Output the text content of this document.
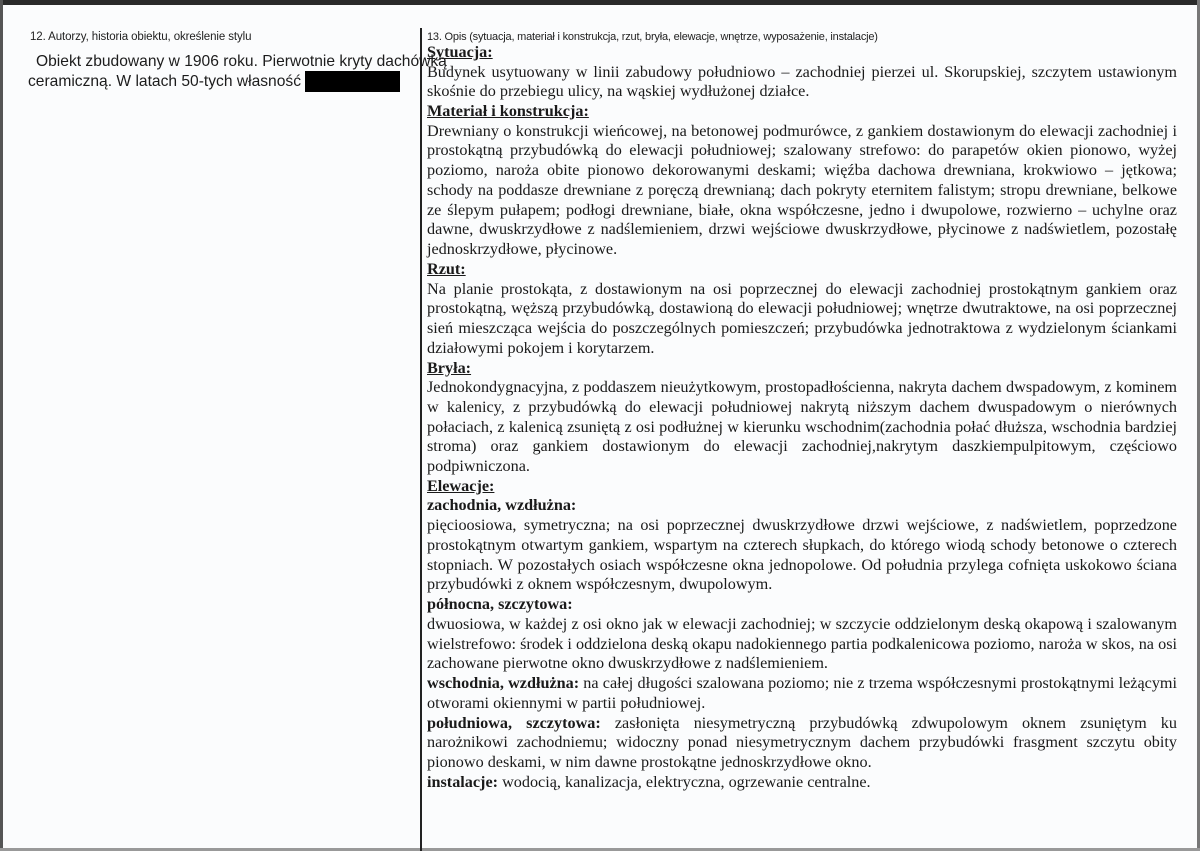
12. Autorzy, historia obiektu, określenie stylu

Obiekt zbudowany w 1906 roku. Pierwotnie kryty dachówką
ceramiczną. W latach 50-tych własność

13. Opis (sytuacja, materiał i konstrukcja, rzut, bryła, elewacje, wnętrze, wyposażenie, instalacje)

Sytuacja:

Budynek usytuowany w linii zabudowy południowo – zachodniej pierzei ul. Skorupskiej, szczytem ustawionym skośnie do przebiegu ulicy, na wąskiej wydłużonej działce.

Materiał i konstrukcja:

Drewniany o konstrukcji wieńcowej, na betonowej podmurówce, z gankiem dostawionym do elewacji zachodniej i prostokątną przybudówką do elewacji południowej; szalowany strefowo: do parapetów okien pionowo, wyżej poziomo, naroża obite pionowo dekorowanymi deskami; więźba dachowa drewniana, krokwiowo – jętkowa; schody na poddasze drewniane z poręczą drewnianą; dach pokryty eternitem falistym; stropu drewniane, belkowe ze ślepym pułapem; podłogi drewniane, białe, okna współczesne, jedno i dwupolowe, rozwierno – uchylne oraz dawne, dwuskrzydłowe z nadślemieniem, drzwi wejściowe dwuskrzydłowe, płycinowe z nadświetlem, pozostałę jednoskrzydłowe, płycinowe.

Rzut:

Na planie prostokąta, z dostawionym na osi poprzecznej do elewacji zachodniej prostokątnym gankiem oraz prostokątną, węższą przybudówką, dostawioną do elewacji południowej; wnętrze dwutraktowe, na osi poprzecznej sień mieszcząca wejścia do poszczególnych pomieszczeń; przybudówka jednotraktowa z wydzielonym ściankami działowymi pokojem i korytarzem.

Bryła:

Jednokondygnacyjna, z poddaszem nieużytkowym, prostopadłościenna, nakryta dachem dwspadowym, z kominem w kalenicy, z przybudówką do elewacji południowej nakrytą niższym dachem dwuspadowym o nierównych połaciach, z kalenicą zsuniętą z osi podłużnej w kierunku wschodnim(zachodnia połać dłuższa, wschodnia bardziej stroma) oraz gankiem dostawionym do elewacji zachodniej,nakrytym daszkiempulpitowym, częściowo podpiwniczona.

Elewacje:

zachodnia, wzdłużna:

pięcioosiowa, symetryczna; na osi poprzecznej dwuskrzydłowe drzwi wejściowe, z nadświetlem, poprzedzone prostokątnym otwartym gankiem, wspartym na czterech słupkach, do którego wiodą schody betonowe o czterech stopniach. W pozostałych osiach współczesne okna jednopolowe. Od południa przylega cofnięta uskokowo ściana przybudówki z oknem współczesnym, dwupolowym.

północna, szczytowa:

dwuosiowa, w każdej z osi okno jak w elewacji zachodniej; w szczycie oddzielonym deską okapową i szalowanym wielstrefowo: środek i oddzielona deską okapu nadokiennego partia podkalenicowa poziomo, naroża w skos, na osi zachowane pierwotne okno dwuskrzydłowe z nadślemieniem.

wschodnia, wzdłużna: na całej długości szalowana poziomo; nie z trzema współczesnymi prostokątnymi leżącymi otworami okiennymi w partii południowej.

południowa, szczytowa: zasłonięta niesymetryczną przybudówką zdwupolowym oknem zsuniętym ku narożnikowi zachodniemu; widoczny ponad niesymetrycznym dachem przybudówki frasgment szczytu obity pionowo deskami, w nim dawne prostokątne jednoskrzydłowe okno.

instalacje: wodocią, kanalizacja, elektryczna, ogrzewanie centralne.
